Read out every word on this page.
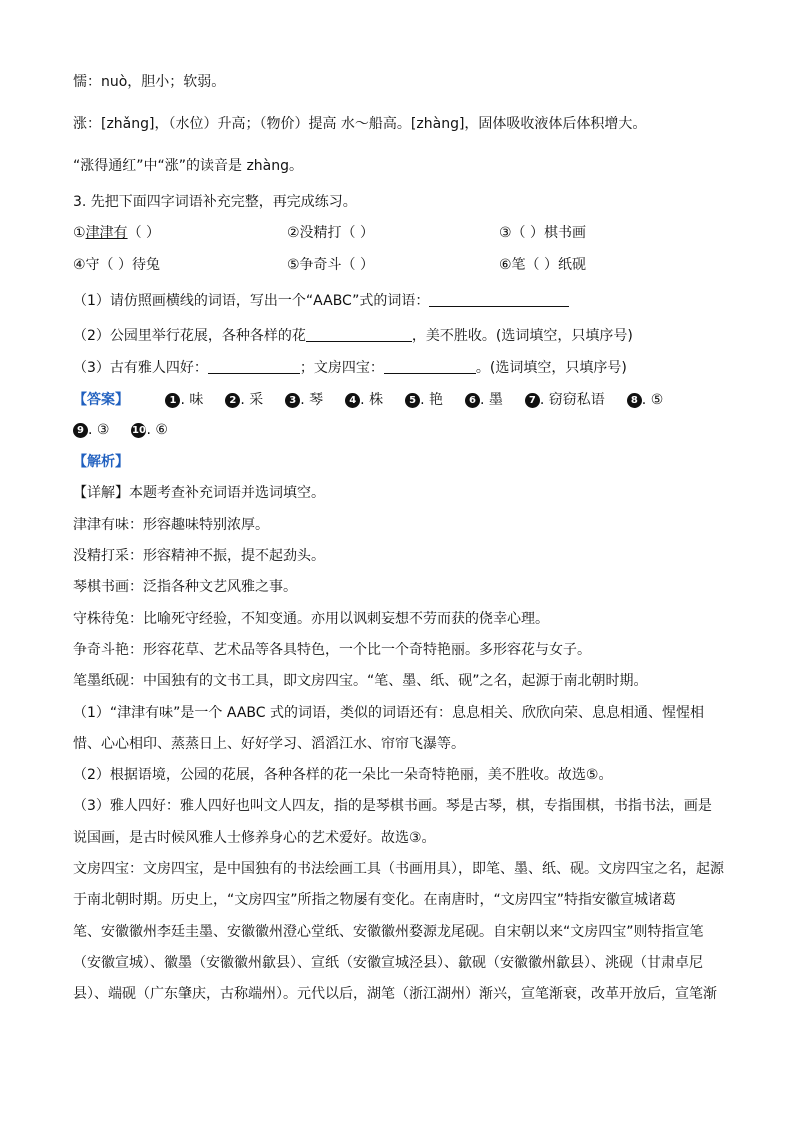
懦：nuò，胆小；软弱。
涨：[zhǎng]，（水位）升高；（物价）提高 水～船高。[zhàng]，固体吸收液体后体积增大。
“涨得通红”中“涨”的读音是 zhàng。
3. 先把下面四字词语补充完整，再完成练习。
①津津有（ ）	②没精打（ ）	③（ ）棋书画
④守（ ）待兔	⑤争奇斗（ ）	⑥笔（ ）纸砚
（1）请仿照画横线的词语，写出一个“AABC”式的词语：
（2）公园里举行花展，各种各样的花	，美不胜收。(选词填空，只填序号)
（3）古有雅人四好：	；文房四宝：	。(选词填空，只填序号)
【答案】	1 . 味	2 . 采	3 . 琴	4 . 株	5 . 艳	6 . 墨	7 . 窃窃私语	8 . ⑤
9 . ③ 10. ⑥
【解析】
【详解】本题考查补充词语并选词填空。
津津有味：形容趣味特别浓厚。
没精打采：形容精神不振，提不起劲头。
琴棋书画：泛指各种文艺风雅之事。
守株待兔：比喻死守经验，不知变通。亦用以讽刺妄想不劳而获的侥幸心理。
争奇斗艳：形容花草、艺术品等各具特色，一个比一个奇特艳丽。多形容花与女子。
笔墨纸砚：中国独有的文书工具，即文房四宝。“笔、墨、纸、砚”之名，起源于南北朝时期。
（1）“津津有味”是一个 AABC 式的词语，类似的词语还有：息息相关、欣欣向荣、息息相通、惺惺相
惜、心心相印、蒸蒸日上、好好学习、滔滔江水、帘帘飞瀑等。
（2）根据语境，公园的花展，各种各样的花一朵比一朵奇特艳丽，美不胜收。故选⑤。
（3）雅人四好：雅人四好也叫文人四友，指的是琴棋书画。琴是古琴，棋，专指围棋，书指书法，画是
说国画，是古时候风雅人士修养身心的艺术爱好。故选③。
文房四宝：文房四宝，是中国独有的书法绘画工具（书画用具），即笔、墨、纸、砚。文房四宝之名，起源
于南北朝时期。历史上，“文房四宝”所指之物屡有变化。在南唐时，“文房四宝”特指安徽宣城诸葛
笔、安徽徽州李廷圭墨、安徽徽州澄心堂纸、安徽徽州婺源龙尾砚。自宋朝以来“文房四宝”则特指宣笔
（安徽宣城）、徽墨（安徽徽州歙县）、宣纸（安徽宣城泾县）、歙砚（安徽徽州歙县）、洮砚（甘肃卓尼
县）、端砚（广东肇庆，古称端州）。元代以后，湖笔（浙江湖州）渐兴，宣笔渐衰，改革开放后，宣笔渐
